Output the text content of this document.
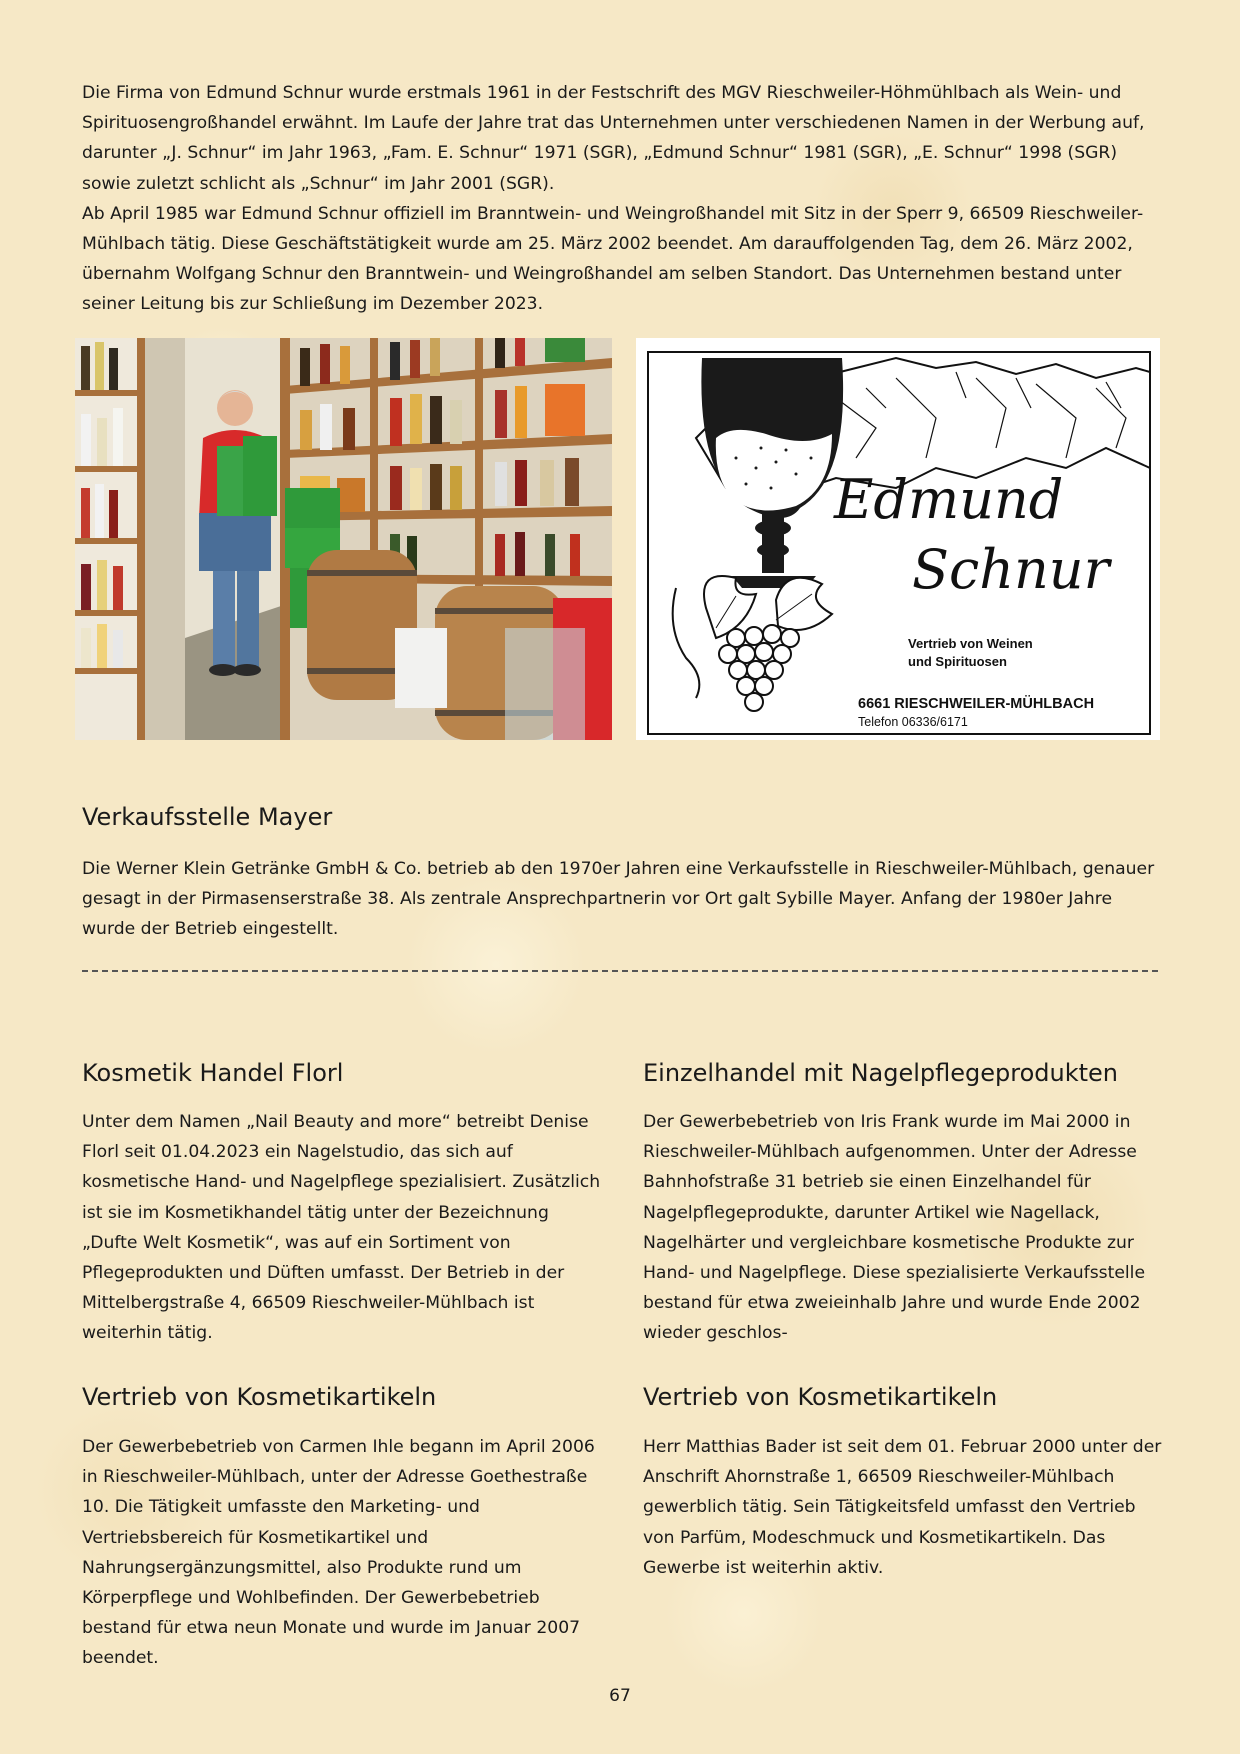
Die Firma von Edmund Schnur wurde erstmals 1961 in der Festschrift des MGV Rieschweiler-Höhmühlbach als Wein- und Spirituosengroßhandel erwähnt. Im Laufe der Jahre trat das Unternehmen unter verschiedenen Namen in der Werbung auf, darunter „J. Schnur“ im Jahr 1963, „Fam. E. Schnur“ 1971 (SGR), „Edmund Schnur“ 1981 (SGR), „E. Schnur“ 1998 (SGR) sowie zuletzt schlicht als „Schnur“ im Jahr 2001 (SGR).

Ab April 1985 war Edmund Schnur offiziell im Branntwein- und Weingroßhandel mit Sitz in der Sperr 9, 66509 Rieschweiler-Mühlbach tätig. Diese Geschäftstätigkeit wurde am 25. März 2002 beendet. Am darauffolgenden Tag, dem 26. März 2002, übernahm Wolfgang Schnur den Branntwein- und Weingroßhandel am selben Standort. Das Unternehmen bestand unter seiner Leitung bis zur Schließung im Dezember 2023.

Edmund
Schnur
Vertrieb von Weinen
und Spirituosen
6661 RIESCHWEILER-MÜHLBACH
Telefon 06336/6171
Verkaufsstelle Mayer

Die Werner Klein Getränke GmbH & Co. betrieb ab den 1970er Jahren eine Verkaufsstelle in Rieschweiler-Mühlbach, genauer gesagt in der Pirmasenserstraße 38. Als zentrale Ansprechpartnerin vor Ort galt Sybille Mayer. Anfang der 1980er Jahre wurde der Betrieb eingestellt.

Kosmetik Handel Florl

Unter dem Namen „Nail Beauty and more“ betreibt Denise Florl seit 01.04.2023 ein Nagelstudio, das sich auf kosmetische Hand- und Nagelpflege spezialisiert. Zusätzlich ist sie im Kosmetikhandel tätig unter der Bezeichnung „Dufte Welt Kosmetik“, was auf ein Sortiment von Pflegeprodukten und Düften umfasst. Der Betrieb in der Mittelbergstraße 4, 66509 Rieschweiler-Mühlbach ist weiterhin tätig.

Einzelhandel mit Nagelpflegeprodukten

Der Gewerbebetrieb von Iris Frank wurde im Mai 2000 in Rieschweiler-Mühlbach aufgenommen. Unter der Adresse Bahnhofstraße 31 betrieb sie einen Einzelhandel für Nagelpflegeprodukte, darunter Artikel wie Nagellack, Nagelhärter und vergleichbare kosmetische Produkte zur Hand- und Nagelpflege. Diese spezialisierte Verkaufsstelle bestand für etwa zweieinhalb Jahre und wurde Ende 2002 wieder geschlos-

Vertrieb von Kosmetikartikeln

Der Gewerbebetrieb von Carmen Ihle begann im April 2006 in Rieschweiler-Mühlbach, unter der Adresse Goethestraße 10. Die Tätigkeit umfasste den Marketing- und Vertriebsbereich für Kosmetikartikel und Nahrungsergänzungsmittel, also Produkte rund um Körperpflege und Wohlbefinden. Der Gewerbebetrieb bestand für etwa neun Monate und wurde im Januar 2007 beendet.

Vertrieb von Kosmetikartikeln

Herr Matthias Bader ist seit dem 01. Februar 2000 unter der Anschrift Ahornstraße 1, 66509 Rieschweiler-Mühlbach gewerblich tätig. Sein Tätigkeitsfeld umfasst den Vertrieb von Parfüm, Modeschmuck und Kosmetikartikeln. Das Gewerbe ist weiterhin aktiv.

67
